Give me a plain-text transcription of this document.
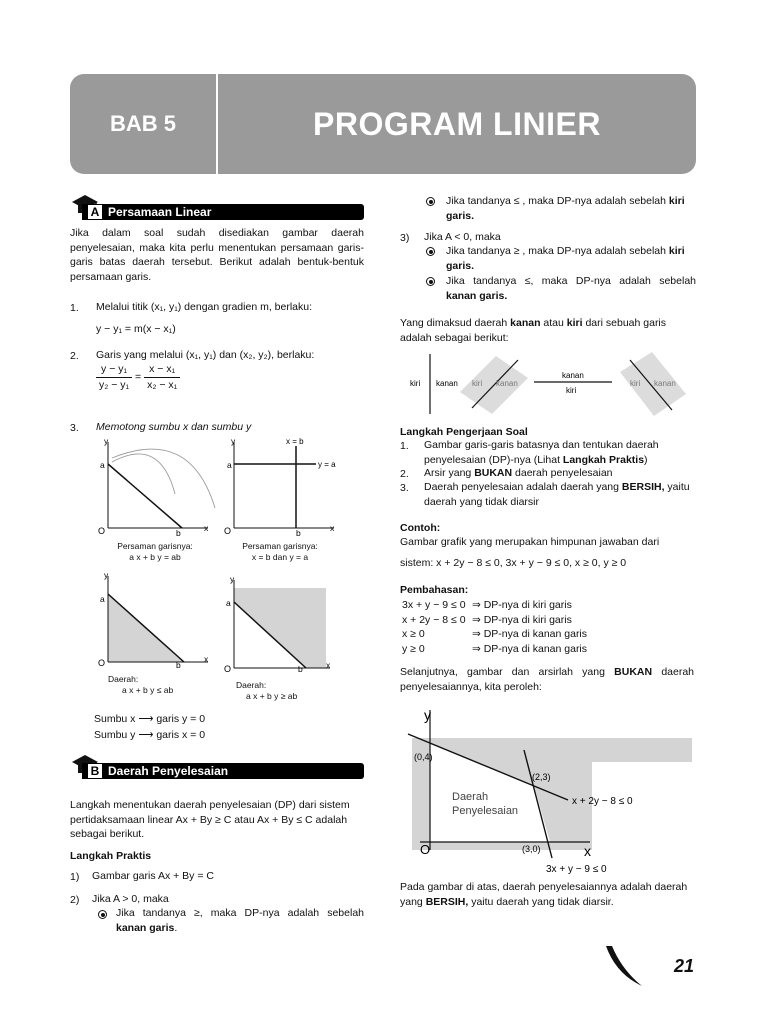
BAB 5	PROGRAM LINIER
A Persamaan Linear
Jika dalam soal sudah disediakan gambar daerah penyelesaian, maka kita perlu menentukan persamaan garis-garis batas daerah tersebut. Berikut adalah bentuk-bentuk persamaan garis.
1. Melalui titik (x₁, y₁) dengan gradien m, berlaku:
y − y₁ = m(x − x₁)
2. Garis yang melalui (x₁, y₁) dan (x₂, y₂), berlaku:
$\frac{\text{y − y₁}}{\text{y₂ − y₁}} = \frac{\text{x − x₁}}{\text{x₂ − x₁}}$
3. Memotong sumbu x dan sumbu y
y
a
O	b	x
Persaman garisnya:
a x + b y = ab
y
a
O	b	x
x = b
y = a
Persaman garisnya:
x = b dan y = a
y
a
O	b
x
Daerah:
a x + b y ≤ ab
y
a
O	b	x
Daerah:
a x + b y ≥ ab
Sumbu x ⟶ garis y = 0
Sumbu y ⟶ garis x = 0
B Daerah Penyelesaian
Langkah menentukan daerah penyelesaian (DP) dari sistem pertidaksamaan linear Ax + By ≥ C atau Ax + By ≤ C adalah sebagai berikut.
Langkah Praktis
1) Gambar garis Ax + By = C
2) Jika A > 0, maka
Jika tandanya ≥, maka DP-nya adalah sebelah kanan garis.
Jika tandanya ≤ , maka DP-nya adalah sebelah kiri garis.
3) Jika A < 0, maka
Jika tandanya ≥ , maka DP-nya adalah sebelah kiri garis.
Jika tandanya ≤, maka DP-nya adalah sebelah kanan garis.
Yang dimaksud daerah kanan atau kiri dari sebuah garis adalah sebagai berikut:
kiri kanan kiri kanan
kanan
kiri
kiri kanan
Langkah Pengerjaan Soal
1. Gambar garis-garis batasnya dan tentukan daerah penyelesaian (DP)-nya (Lihat Langkah Praktis)
2. Arsir yang BUKAN daerah penyelesaian
3. Daerah penyelesaian adalah daerah yang BERSIH, yaitu daerah yang tidak diarsir
Contoh:
Gambar grafik yang merupakan himpunan jawaban dari
sistem: x + 2y − 8 ≤ 0, 3x + y − 9 ≤ 0, x ≥ 0, y ≥ 0
Pembahasan:
3x + y − 9 ≤ 0 ⇒ DP-nya di kiri garis
x + 2y − 8 ≤ 0 ⇒ DP-nya di kiri garis
x ≥ 0	⇒ DP-nya di kanan garis
y ≥ 0	⇒ DP-nya di kanan garis
Selanjutnya, gambar dan arsirlah yang BUKAN daerah penyelesaiannya, kita peroleh:
y
x
O
(0,4)
(2,3)
(3,0)
Daerah
Penyelesaian
x + 2y − 8 ≤ 0
3x + y − 9 ≤ 0
Pada gambar di atas, daerah penyelesaiannya adalah daerah yang BERSIH, yaitu daerah yang tidak diarsir.
21
